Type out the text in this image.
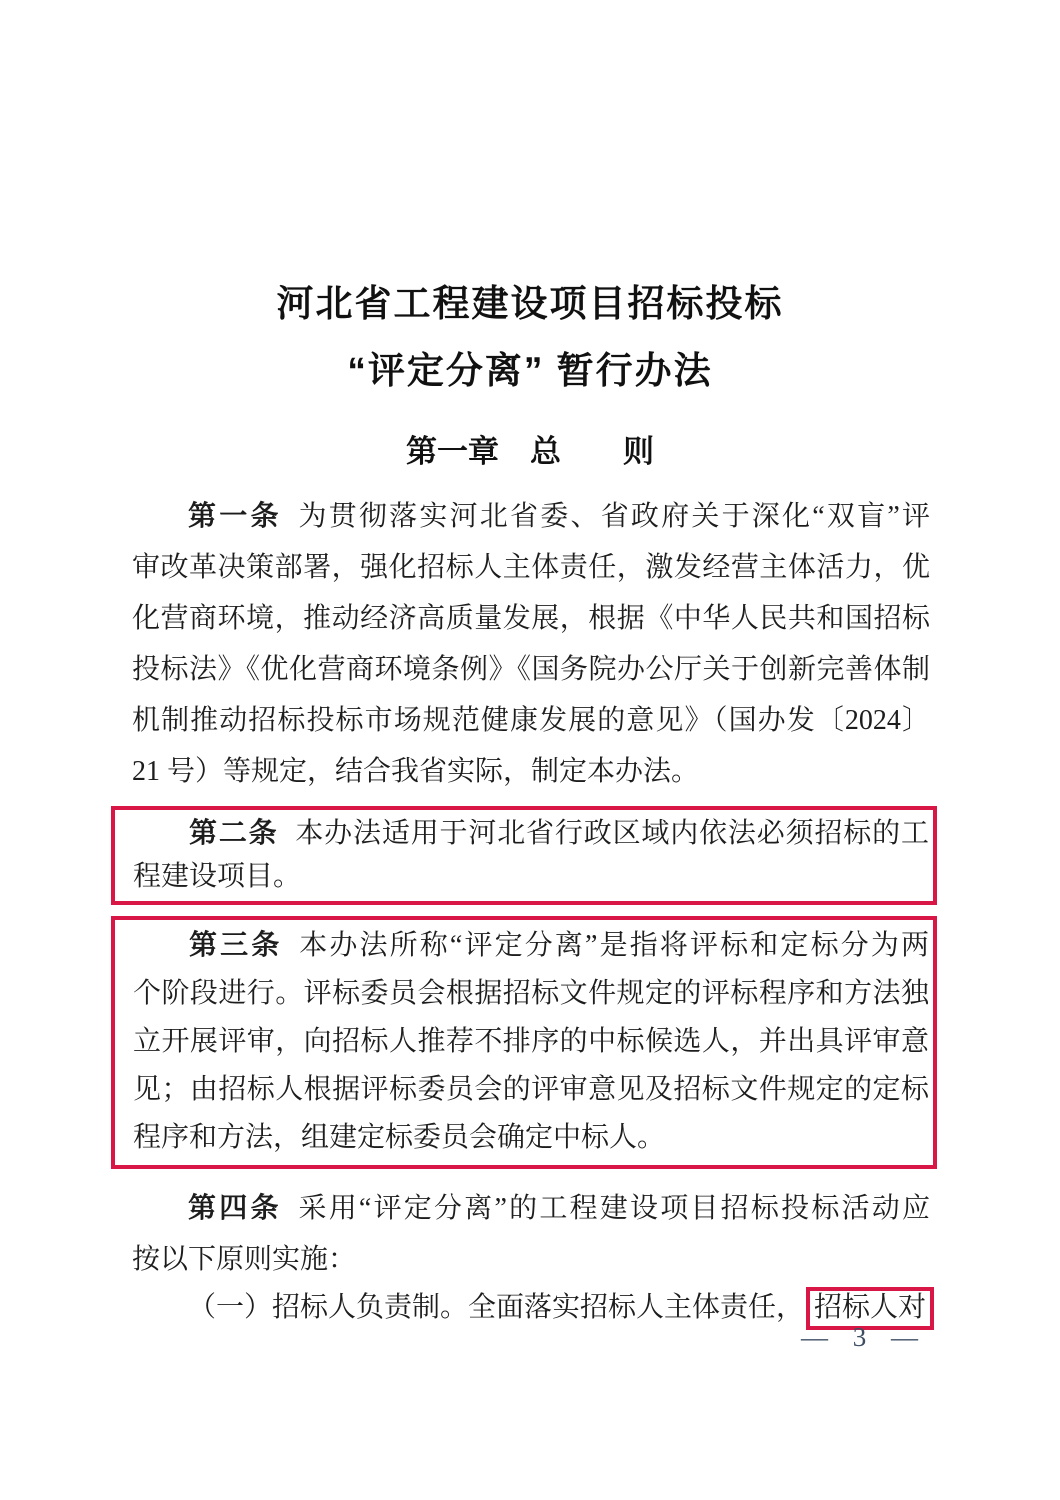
河北省工程建设项目招标投标
“评定分离” 暂行办法
第一章　总　　则
第一条 为贯彻落实河北省委、省政府关于深化“双盲”评
审改革决策部署，强化招标人主体责任，激发经营主体活力，优
化营商环境，推动经济高质量发展，根据《中华人民共和国招标
投标法》《优化营商环境条例》《国务院办公厅关于创新完善体制
机制推动招标投标市场规范健康发展的意见》（国办发〔2024〕
21 号）等规定，结合我省实际，制定本办法。
第二条 本办法适用于河北省行政区域内依法必须招标的工
程建设项目。
第三条 本办法所称“评定分离”是指将评标和定标分为两
个阶段进行。评标委员会根据招标文件规定的评标程序和方法独
立开展评审，向招标人推荐不排序的中标候选人，并出具评审意
见；由招标人根据评标委员会的评审意见及招标文件规定的定标
程序和方法，组建定标委员会确定中标人。
第四条 采用“评定分离”的工程建设项目招标投标活动应
按以下原则实施：
（一）招标人负责制。全面落实招标人主体责任， 招标人对
— 3 —
